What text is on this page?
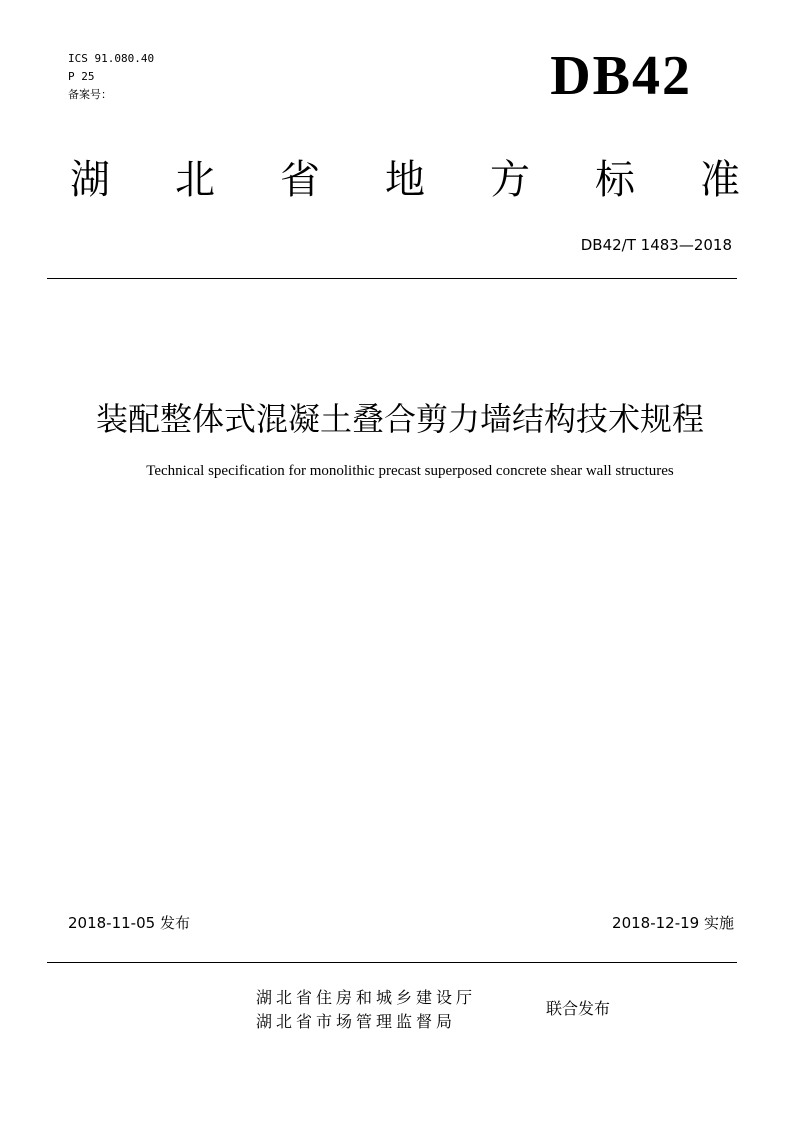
ICS 91.080.40
P 25
备案号：	DB42
湖 北 省 地 方 标 准
DB42/T 1483—2018
装配整体式混凝土叠合剪力墙结构技术规程
Technical specification for monolithic precast superposed concrete shear wall structures
2018-11-05 发布	2018-12-19 实施
湖北省住房和城乡建设厅
湖北省市场管理监督局
联合发布
